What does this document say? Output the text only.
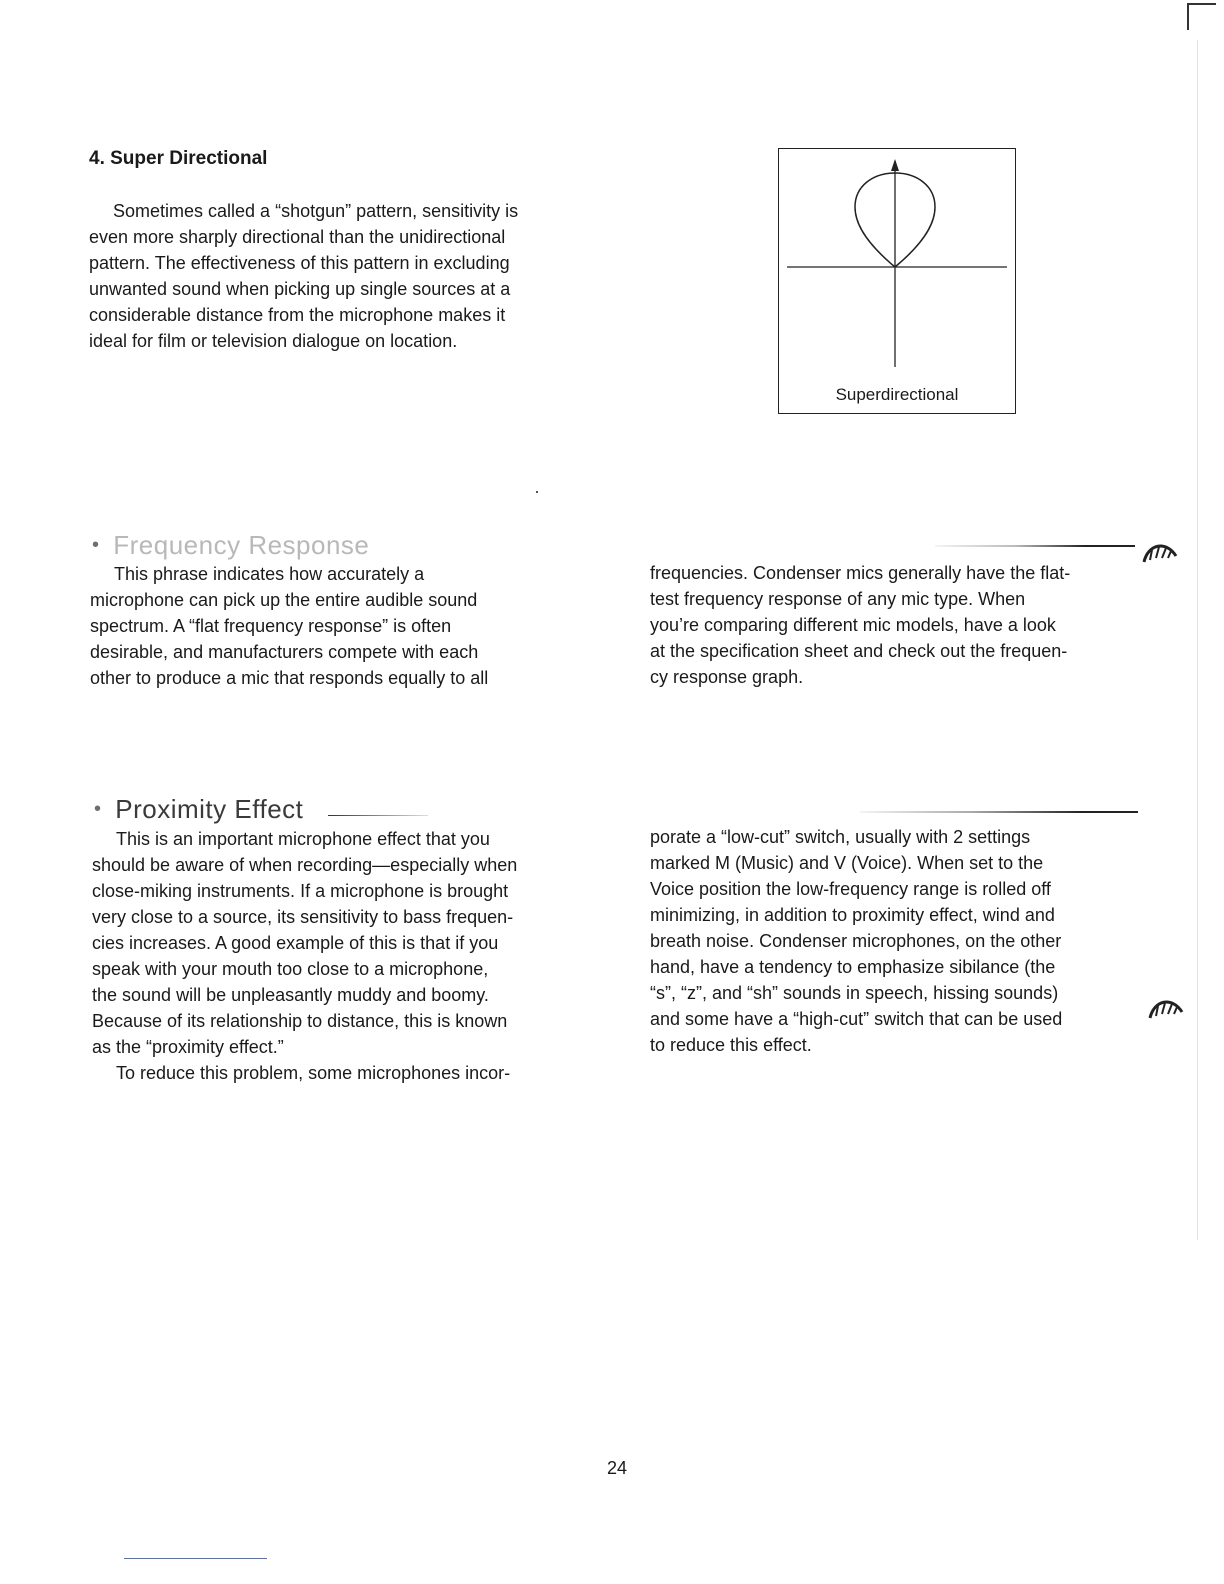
4. Super Directional
Sometimes called a “shotgun” pattern, sensitivity is
even more sharply directional than the unidirectional
pattern. The effectiveness of this pattern in excluding
unwanted sound when picking up single sources at a
considerable distance from the microphone makes it
ideal for film or television dialogue on location.
Superdirectional
• Frequency Response
This phrase indicates how accurately a
microphone can pick up the entire audible sound
spectrum. A “flat frequency response” is often
desirable, and manufacturers compete with each
other to produce a mic that responds equally to all
frequencies. Condenser mics generally have the flat-
test frequency response of any mic type. When
you’re comparing different mic models, have a look
at the specification sheet and check out the frequen-
cy response graph.
• Proximity Effect
This is an important microphone effect that you
should be aware of when recording—especially when
close-miking instruments. If a microphone is brought
very close to a source, its sensitivity to bass frequen-
cies increases. A good example of this is that if you
speak with your mouth too close to a microphone,
the sound will be unpleasantly muddy and boomy.
Because of its relationship to distance, this is known
as the “proximity effect.”
To reduce this problem, some microphones incor-
porate a “low-cut” switch, usually with 2 settings
marked M (Music) and V (Voice). When set to the
Voice position the low-frequency range is rolled off
minimizing, in addition to proximity effect, wind and
breath noise. Condenser microphones, on the other
hand, have a tendency to emphasize sibilance (the
“s”, “z”, and “sh” sounds in speech, hissing sounds)
and some have a “high-cut” switch that can be used
to reduce this effect.
24
